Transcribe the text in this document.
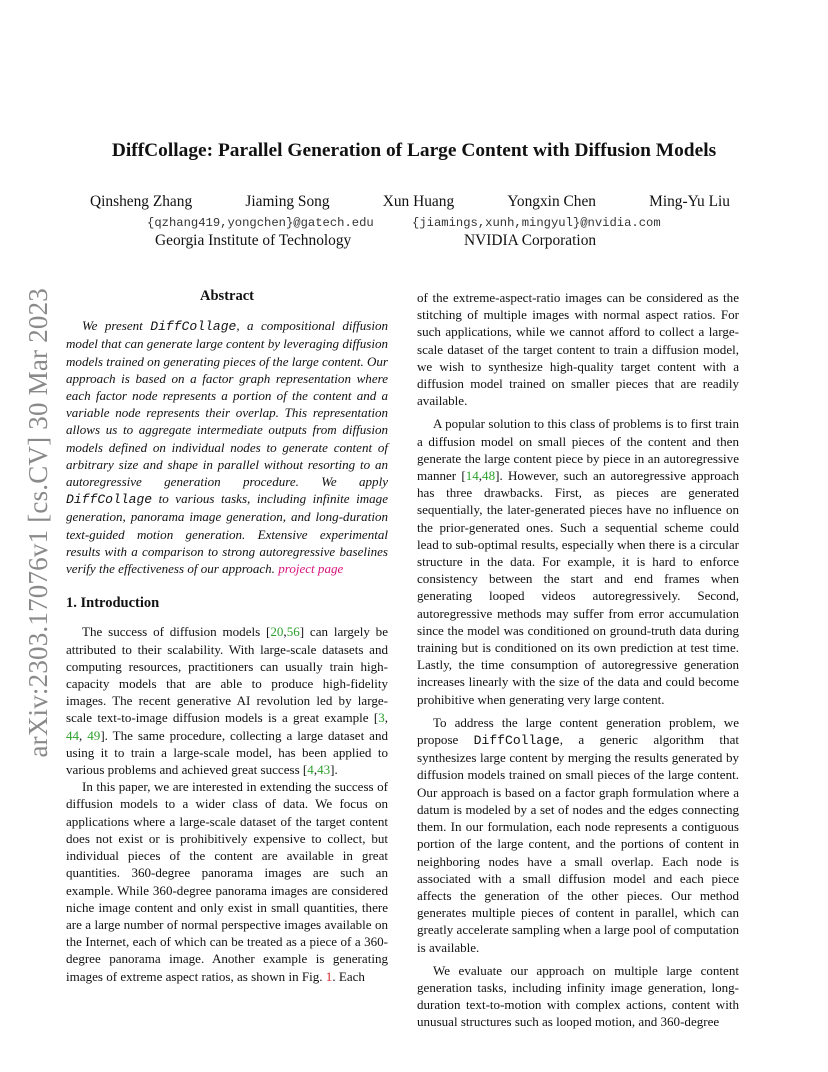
arXiv:2303.17076v1 [cs.CV] 30 Mar 2023
DiffCollage: Parallel Generation of Large Content with Diffusion Models
Qinsheng Zhang	Jiaming Song	Xun Huang	Yongxin Chen	Ming-Yu Liu
{qzhang419,yongchen}@gatech.edu	{jiamings,xunh,mingyul}@nvidia.com
Georgia Institute of Technology	NVIDIA Corporation
Abstract

We present DiffCollage, a compositional diffusion model that can generate large content by leveraging diffusion models trained on generating pieces of the large content. Our approach is based on a factor graph representation where each factor node represents a portion of the content and a variable node represents their overlap. This representation allows us to aggregate intermediate outputs from diffusion models defined on individual nodes to generate content of arbitrary size and shape in parallel without resorting to an autoregressive generation procedure. We apply DiffCollage to various tasks, including infinite image generation, panorama image generation, and long-duration text-guided motion generation. Extensive experimental results with a comparison to strong autoregressive baselines verify the effectiveness of our approach. project page

1. Introduction

The success of diffusion models [20,56] can largely be attributed to their scalability. With large-scale datasets and computing resources, practitioners can usually train high-capacity models that are able to produce high-fidelity images. The recent generative AI revolution led by large-scale text-to-image diffusion models is a great example [3, 44, 49]. The same procedure, collecting a large dataset and using it to train a large-scale model, has been applied to various problems and achieved great success [4,43].

In this paper, we are interested in extending the success of diffusion models to a wider class of data. We focus on applications where a large-scale dataset of the target content does not exist or is prohibitively expensive to collect, but individual pieces of the content are available in great quantities. 360-degree panorama images are such an example. While 360-degree panorama images are considered niche image content and only exist in small quantities, there are a large number of normal perspective images available on the Internet, each of which can be treated as a piece of a 360-degree panorama image. Another example is generating images of extreme aspect ratios, as shown in Fig. 1. Each

of the extreme-aspect-ratio images can be considered as the stitching of multiple images with normal aspect ratios. For such applications, while we cannot afford to collect a large-scale dataset of the target content to train a diffusion model, we wish to synthesize high-quality target content with a diffusion model trained on smaller pieces that are readily available.

A popular solution to this class of problems is to first train a diffusion model on small pieces of the content and then generate the large content piece by piece in an autoregressive manner [14,48]. However, such an autoregressive approach has three drawbacks. First, as pieces are generated sequentially, the later-generated pieces have no influence on the prior-generated ones. Such a sequential scheme could lead to sub-optimal results, especially when there is a circular structure in the data. For example, it is hard to enforce consistency between the start and end frames when generating looped videos autoregressively. Second, autoregressive methods may suffer from error accumulation since the model was conditioned on ground-truth data during training but is conditioned on its own prediction at test time. Lastly, the time consumption of autoregressive generation increases linearly with the size of the data and could become prohibitive when generating very large content.

To address the large content generation problem, we propose DiffCollage, a generic algorithm that synthesizes large content by merging the results generated by diffusion models trained on small pieces of the large content. Our approach is based on a factor graph formulation where a datum is modeled by a set of nodes and the edges connecting them. In our formulation, each node represents a contiguous portion of the large content, and the portions of content in neighboring nodes have a small overlap. Each node is associated with a small diffusion model and each piece affects the generation of the other pieces. Our method generates multiple pieces of content in parallel, which can greatly accelerate sampling when a large pool of computation is available.

We evaluate our approach on multiple large content generation tasks, including infinity image generation, long-duration text-to-motion with complex actions, content with unusual structures such as looped motion, and 360-degree
